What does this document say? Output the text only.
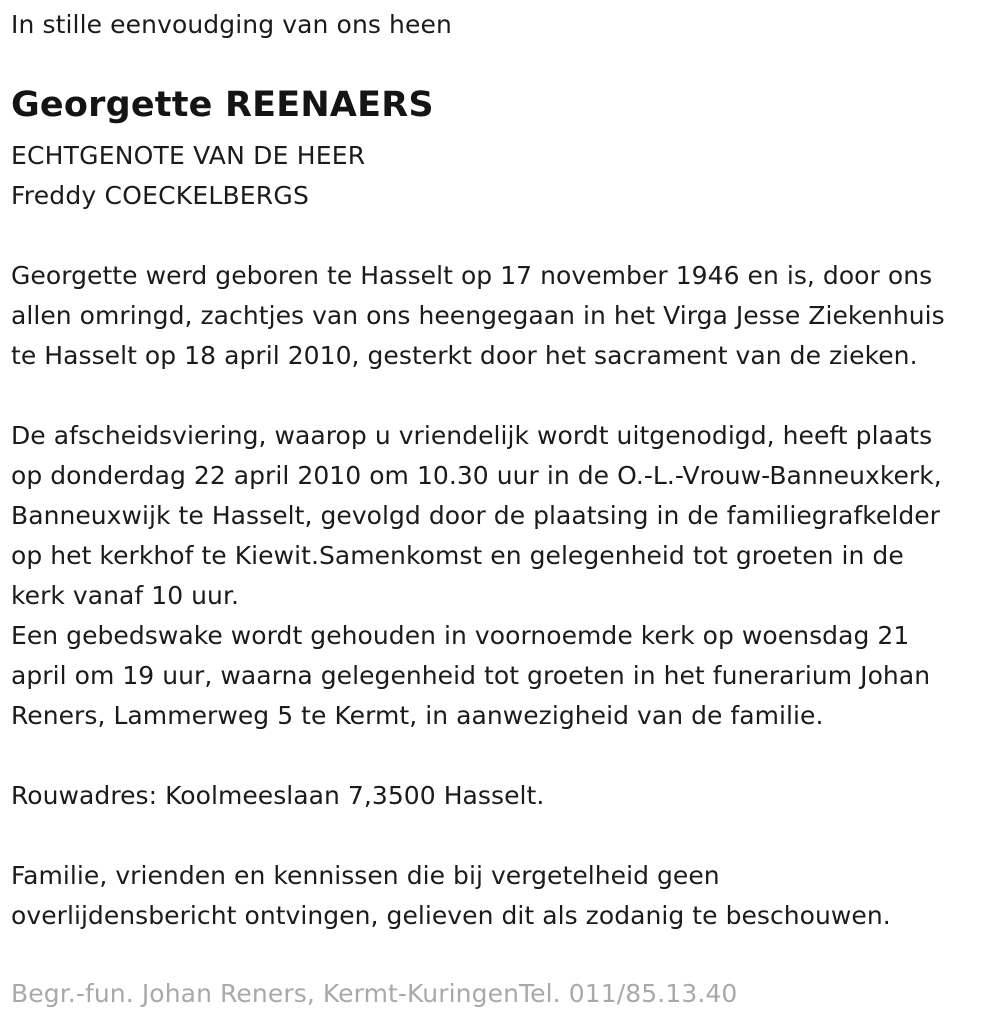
In stille eenvoudging van ons heen
Georgette REENAERS
ECHTGENOTE VAN DE HEER
Freddy COECKELBERGS
Georgette werd geboren te Hasselt op 17 november 1946 en is, door ons
allen omringd, zachtjes van ons heengegaan in het Virga Jesse Ziekenhuis
te Hasselt op 18 april 2010, gesterkt door het sacrament van de zieken.
De afscheidsviering, waarop u vriendelijk wordt uitgenodigd, heeft plaats
op donderdag 22 april 2010 om 10.30 uur in de O.-L.-Vrouw-Banneuxkerk,
Banneuxwijk te Hasselt, gevolgd door de plaatsing in de familiegrafkelder
op het kerkhof te Kiewit.Samenkomst en gelegenheid tot groeten in de
kerk vanaf 10 uur.
Een gebedswake wordt gehouden in voornoemde kerk op woensdag 21
april om 19 uur, waarna gelegenheid tot groeten in het funerarium Johan
Reners, Lammerweg 5 te Kermt, in aanwezigheid van de familie.
Rouwadres: Koolmeeslaan 7,3500 Hasselt.
Familie, vrienden en kennissen die bij vergetelheid geen
overlijdensbericht ontvingen, gelieven dit als zodanig te beschouwen.
Begr.-fun. Johan Reners, Kermt-KuringenTel. 011/85.13.40
